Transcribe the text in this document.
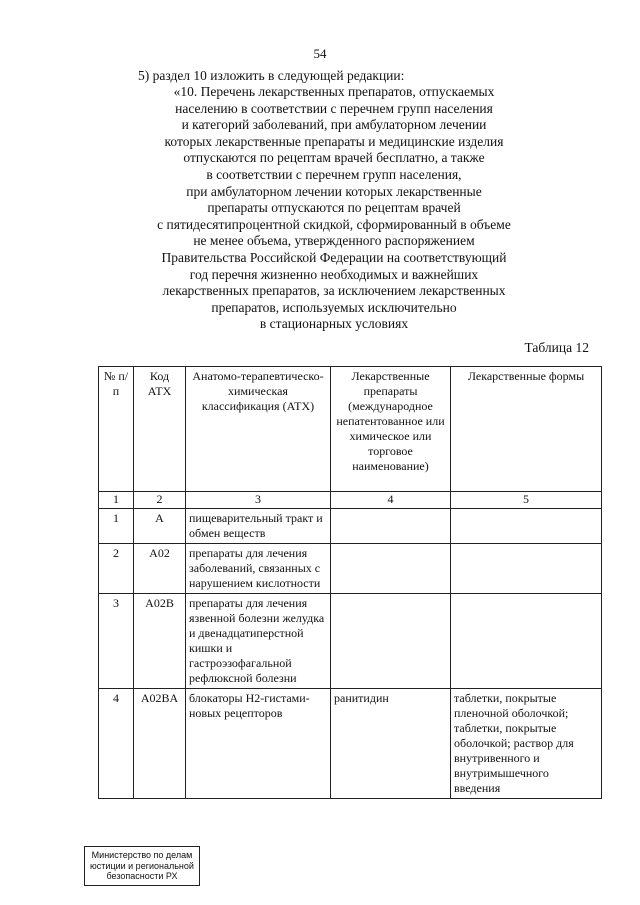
54
5) раздел 10 изложить в следующей редакции:
«10. Перечень лекарственных препаратов, отпускаемых
населению в соответствии с перечнем групп населения
и категорий заболеваний, при амбулаторном лечении
которых лекарственные препараты и медицинские изделия
отпускаются по рецептам врачей бесплатно, а также
в соответствии с перечнем групп населения,
при амбулаторном лечении которых лекарственные
препараты отпускаются по рецептам врачей
с пятидесятипроцентной скидкой, сформированный в объеме
не менее объема, утвержденного распоряжением
Правительства Российской Федерации на соответствующий
год перечня жизненно необходимых и важнейших
лекарственных препаратов, за исключением лекарственных
препаратов, используемых исключительно
в стационарных условиях
Таблица 12
№ п/п	Код АТХ	Анатомо-терапевтическо-химическая классификация (АТХ)	Лекарственные препараты (международное непатентованное или химическое или торговое наименование)	Лекарственные формы
1	2	3	4	5
1	A	пищеварительный тракт и обмен веществ		
2	A02	препараты для лечения заболеваний, связанных с нарушением кислотности		
3	A02B	препараты для лечения язвенной болезни желудка и двенадцатиперстной кишки и гастроэзофагальной рефлюксной болезни		
4	A02BA	блокаторы Н2-гистами-новых рецепторов	ранитидин	таблетки, покрытые пленочной оболочкой; таблетки, покрытые оболочкой; раствор для внутривенного и внутримышечного введения
Министерство по делам
юстиции и региональной
безопасности РХ
